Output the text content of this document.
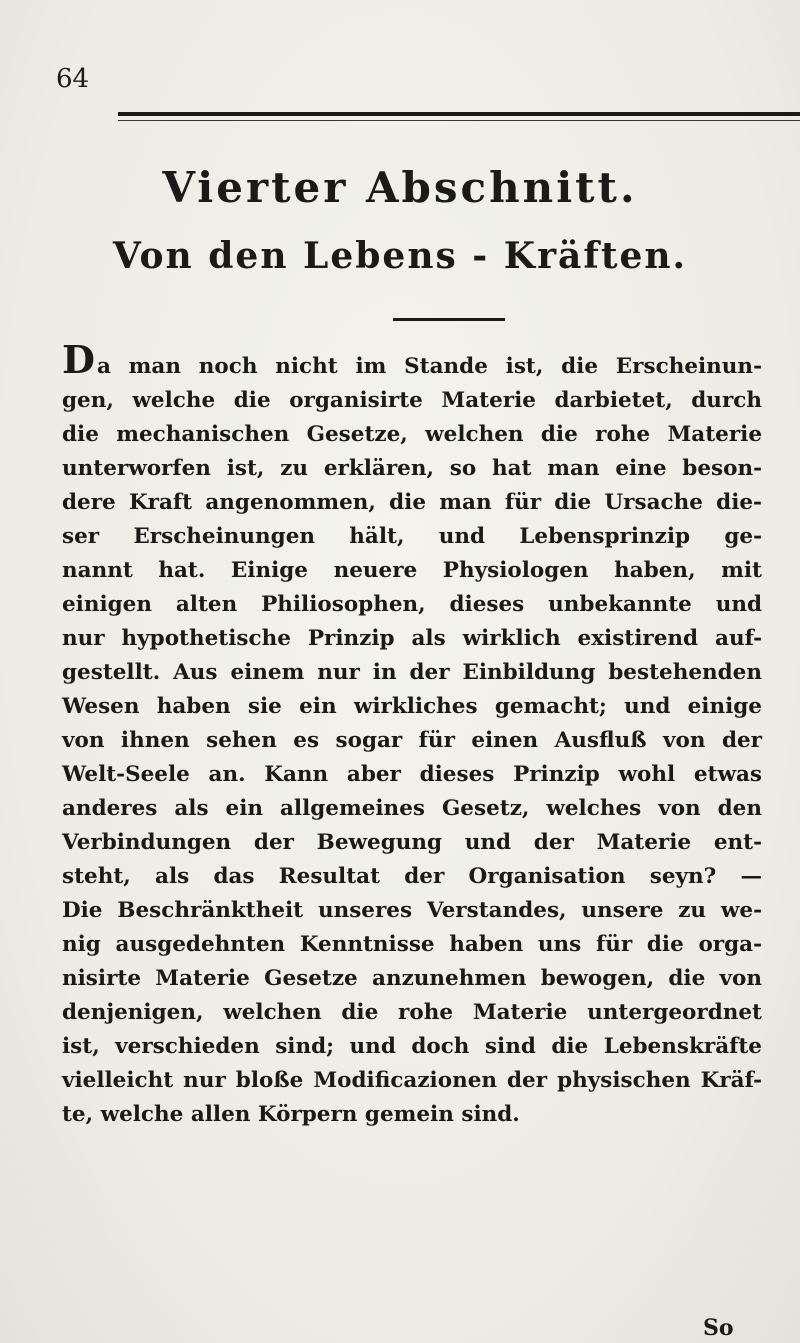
64
Vierter Abschnitt.
Von den Lebens - Kräften.
Da man noch nicht im Stande ist, die Erscheinun-
gen, welche die organisirte Materie darbietet, durch
die mechanischen Gesetze, welchen die rohe Materie
unterworfen ist, zu erklären, so hat man eine beson-
dere Kraft angenommen, die man für die Ursache die-
ser Erscheinungen hält, und Lebensprinzip ge-
nannt hat. Einige neuere Physiologen haben, mit
einigen alten Philiosophen, dieses unbekannte und
nur hypothetische Prinzip als wirklich existirend auf-
gestellt. Aus einem nur in der Einbildung bestehenden
Wesen haben sie ein wirkliches gemacht; und einige
von ihnen sehen es sogar für einen Ausfluß von der
Welt-Seele an. Kann aber dieses Prinzip wohl etwas
anderes als ein allgemeines Gesetz, welches von den
Verbindungen der Bewegung und der Materie ent-
steht, als das Resultat der Organisation seyn? —
Die Beschränktheit unseres Verstandes, unsere zu we-
nig ausgedehnten Kenntnisse haben uns für die orga-
nisirte Materie Gesetze anzunehmen bewogen, die von
denjenigen, welchen die rohe Materie untergeordnet
ist, verschieden sind; und doch sind die Lebenskräfte
vielleicht nur bloße Modificazionen der physischen Kräf-
te, welche allen Körpern gemein sind.
So
